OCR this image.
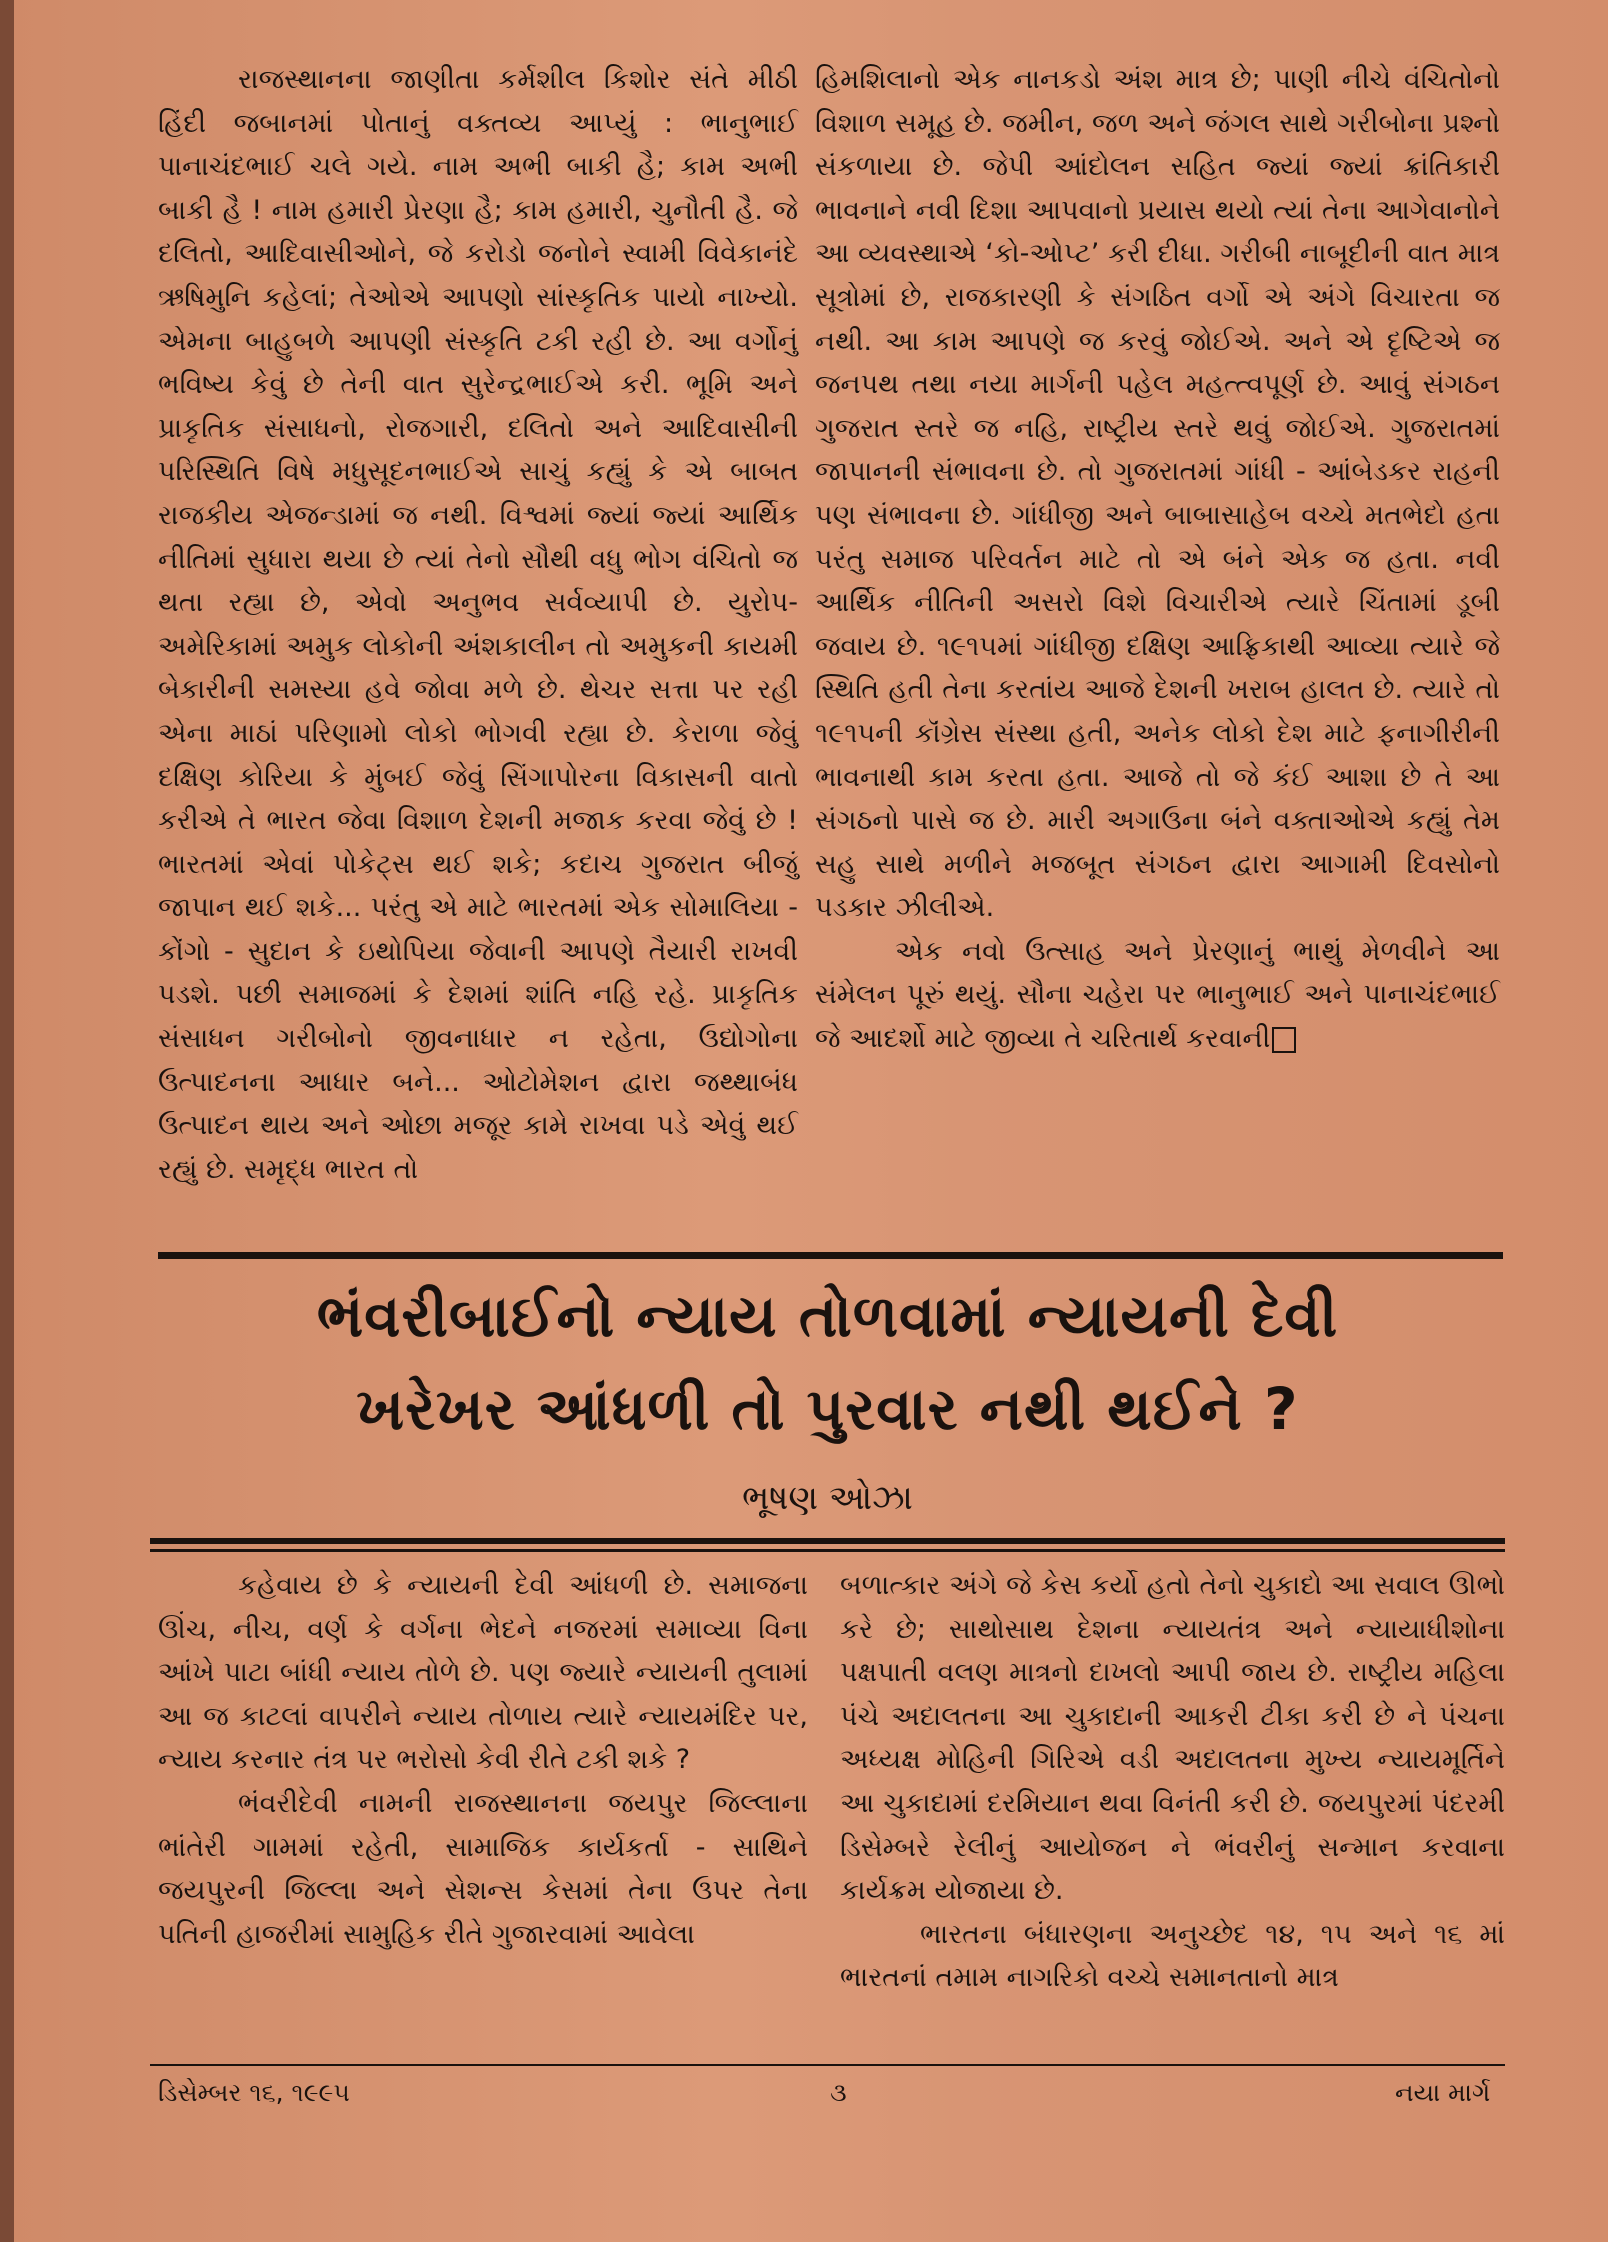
રાજસ્થાનના જાણીતા કર્મશીલ કિશોર સંતે મીઠી હિંદી જબાનમાં પોતાનું વક્તવ્ય આપ્યું : ભાનુભાઈ પાનાચંદભાઈ ચલે ગયે. નામ અભી બાકી હૈ; કામ અભી બાકી હૈ ! નામ હમારી પ્રેરણા હૈ; કામ હમારી, ચુનૌતી હૈ. જે દલિતો, આદિવાસીઓને, જે કરોડો જનોને સ્વામી વિવેકાનંદે ઋષિમુનિ કહેલાં; તેઓએ આપણો સાંસ્કૃતિક પાયો નાખ્યો. એમના બાહુબળે આપણી સંસ્કૃતિ ટકી રહી છે. આ વર્ગોનું ભવિષ્ય કેવું છે તેની વાત સુરેન્દ્રભાઈએ કરી. ભૂમિ અને પ્રાકૃતિક સંસાધનો, રોજગારી, દલિતો અને આદિવાસીની પરિસ્થિતિ વિષે મધુસૂદનભાઈએ સાચું કહ્યું કે એ બાબત રાજકીય એજન્ડામાં જ નથી. વિશ્વમાં જ્યાં જ્યાં આર્થિક નીતિમાં સુધારા થયા છે ત્યાં તેનો સૌથી વધુ ભોગ વંચિતો જ થતા રહ્યા છે, એવો અનુભવ સર્વવ્યાપી છે. યુરોપ-અમેરિકામાં અમુક લોકોની અંશકાલીન તો અમુકની કાયમી બેકારીની સમસ્યા હવે જોવા મળે છે. થેચર સત્તા પર રહી એના માઠાં પરિણામો લોકો ભોગવી રહ્યા છે. કેરાળા જેવું દક્ષિણ કોરિયા કે મુંબઈ જેવું સિંગાપોરના વિકાસની વાતો કરીએ તે ભારત જેવા વિશાળ દેશની મજાક કરવા જેવું છે ! ભારતમાં એવાં પોકેટ્સ થઈ શકે; કદાચ ગુજરાત બીજું જાપાન થઈ શકે... પરંતુ એ માટે ભારતમાં એક સોમાલિયા - કોંગો - સુદાન કે ઇથોપિયા જેવાની આપણે તૈયારી રાખવી પડશે. પછી સમાજમાં કે દેશમાં શાંતિ નહિ રહે. પ્રાકૃતિક સંસાધન ગરીબોનો જીવનાધાર ન રહેતા, ઉદ્યોગોના ઉત્પાદનના આધાર બને... ઓટોમેશન દ્વારા જથ્થાબંધ ઉત્પાદન થાય અને ઓછા મજૂર કામે રાખવા પડે એવું થઈ રહ્યું છે. સમૃદ્ધ ભારત તો

હિમશિલાનો એક નાનકડો અંશ માત્ર છે; પાણી નીચે વંચિતોનો વિશાળ સમૂહ છે. જમીન, જળ અને જંગલ સાથે ગરીબોના પ્રશ્નો સંકળાયા છે. જેપી આંદોલન સહિત જ્યાં જ્યાં ક્રાંતિકારી ભાવનાને નવી દિશા આપવાનો પ્રયાસ થયો ત્યાં તેના આગેવાનોને આ વ્યવસ્થાએ ‘કો-ઓપ્ટ’ કરી દીધા. ગરીબી નાબૂદીની વાત માત્ર સૂત્રોમાં છે, રાજકારણી કે સંગઠિત વર્ગો એ અંગે વિચારતા જ નથી. આ કામ આપણે જ કરવું જોઈએ. અને એ દૃષ્ટિએ જ જનપથ તથા નયા માર્ગની પહેલ મહત્ત્વપૂર્ણ છે. આવું સંગઠન ગુજરાત સ્તરે જ નહિ, રાષ્ટ્રીય સ્તરે થવું જોઈએ. ગુજરાતમાં જાપાનની સંભાવના છે. તો ગુજરાતમાં ગાંધી - આંબેડકર રાહની પણ સંભાવના છે. ગાંધીજી અને બાબાસાહેબ વચ્ચે મતભેદો હતા પરંતુ સમાજ પરિવર્તન માટે તો એ બંને એક જ હતા. નવી આર્થિક નીતિની અસરો વિશે વિચારીએ ત્યારે ચિંતામાં ડૂબી જવાય છે. ૧૯૧૫માં ગાંધીજી દક્ષિણ આફ્રિકાથી આવ્યા ત્યારે જે સ્થિતિ હતી તેના કરતાંય આજે દેશની ખરાબ હાલત છે. ત્યારે તો ૧૯૧૫ની કૉંગ્રેસ સંસ્થા હતી, અનેક લોકો દેશ માટે ફનાગીરીની ભાવનાથી કામ કરતા હતા. આજે તો જે કંઈ આશા છે તે આ સંગઠનો પાસે જ છે. મારી અગાઉના બંને વક્તાઓએ કહ્યું તેમ સહુ સાથે મળીને મજબૂત સંગઠન દ્વારા આગામી દિવસોનો પડકાર ઝીલીએ.

એક નવો ઉત્સાહ અને પ્રેરણાનું ભાથું મેળવીને આ સંમેલન પૂરું થયું. સૌના ચહેરા પર ભાનુભાઈ અને પાનાચંદભાઈ જે આદર્શો માટે જીવ્યા તે ચરિતાર્થ કરવાની

ભંવરીબાઈનો ન્યાય તોળવામાં ન્યાયની દેવી
ખરેખર આંધળી તો પુરવાર નથી થઈને ?
ભૂષણ ઓઝા

કહેવાય છે કે ન્યાયની દેવી આંધળી છે. સમાજના ઊંચ, નીચ, વર્ણ કે વર્ગના ભેદને નજરમાં સમાવ્યા વિના આંખે પાટા બાંધી ન્યાય તોળે છે. પણ જ્યારે ન્યાયની તુલામાં આ જ કાટલાં વાપરીને ન્યાય તોળાય ત્યારે ન્યાયમંદિર પર, ન્યાય કરનાર તંત્ર પર ભરોસો કેવી રીતે ટકી શકે ?

ભંવરીદેવી નામની રાજસ્થાનના જયપુર જિલ્લાના ભાંતેરી ગામમાં રહેતી, સામાજિક કાર્યકર્તા - સાથિને જયપુરની જિલ્લા અને સેશન્સ કેસમાં તેના ઉપર તેના પતિની હાજરીમાં સામુહિક રીતે ગુજારવામાં આવેલા

બળાત્કાર અંગે જે કેસ કર્યો હતો તેનો ચુકાદો આ સવાલ ઊભો કરે છે; સાથોસાથ દેશના ન્યાયતંત્ર અને ન્યાયાધીશોના પક્ષપાતી વલણ માત્રનો દાખલો આપી જાય છે. રાષ્ટ્રીય મહિલા પંચે અદાલતના આ ચુકાદાની આકરી ટીકા કરી છે ને પંચના અધ્યક્ષ મોહિની ગિરિએ વડી અદાલતના મુખ્ય ન્યાયમૂર્તિને આ ચુકાદામાં દરમિયાન થવા વિનંતી કરી છે. જયપુરમાં પંદરમી ડિસેમ્બરે રેલીનું આયોજન ને ભંવરીનું સન્માન કરવાના કાર્યક્રમ યોજાયા છે.

ભારતના બંધારણના અનુચ્છેદ ૧૪, ૧૫ અને ૧૬ માં ભારતનાં તમામ નાગરિકો વચ્ચે સમાનતાનો માત્ર

ડિસેમ્બર ૧૬, ૧૯૯૫	૩	નયા માર્ગ
